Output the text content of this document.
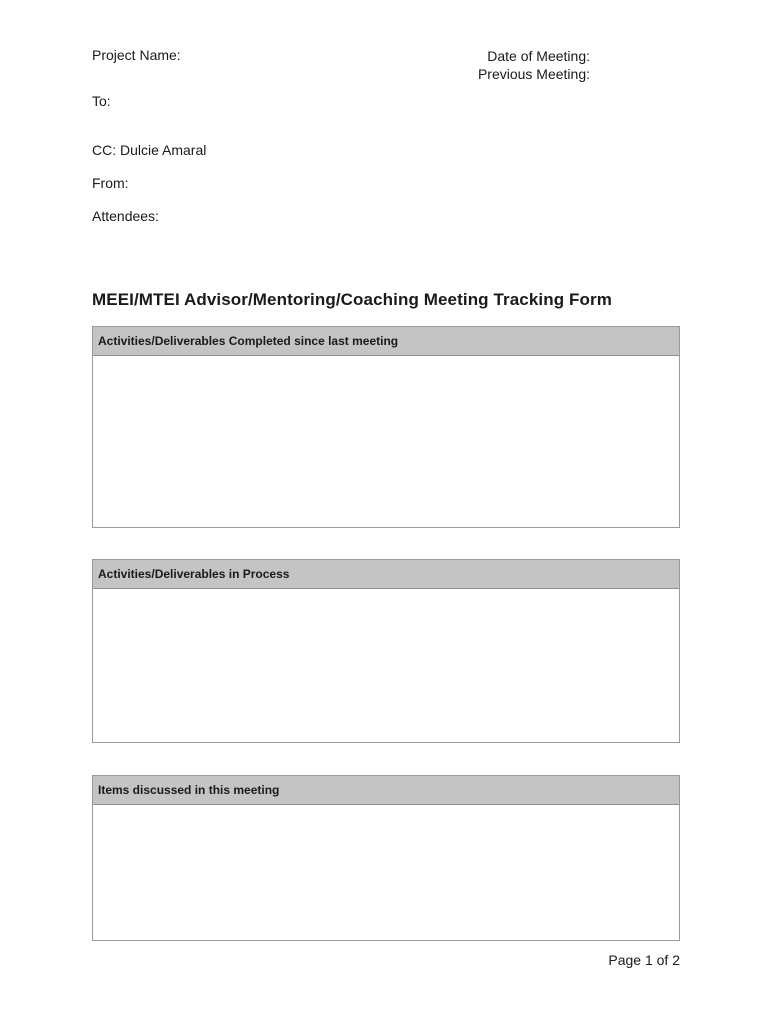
Project Name:	Date of Meeting:
Previous Meeting:
To:
CC: Dulcie Amaral
From:
Attendees:
MEEI/MTEI Advisor/Mentoring/Coaching Meeting Tracking Form
Activities/Deliverables Completed since last meeting
Activities/Deliverables in Process
Items discussed in this meeting
Page 1 of 2
